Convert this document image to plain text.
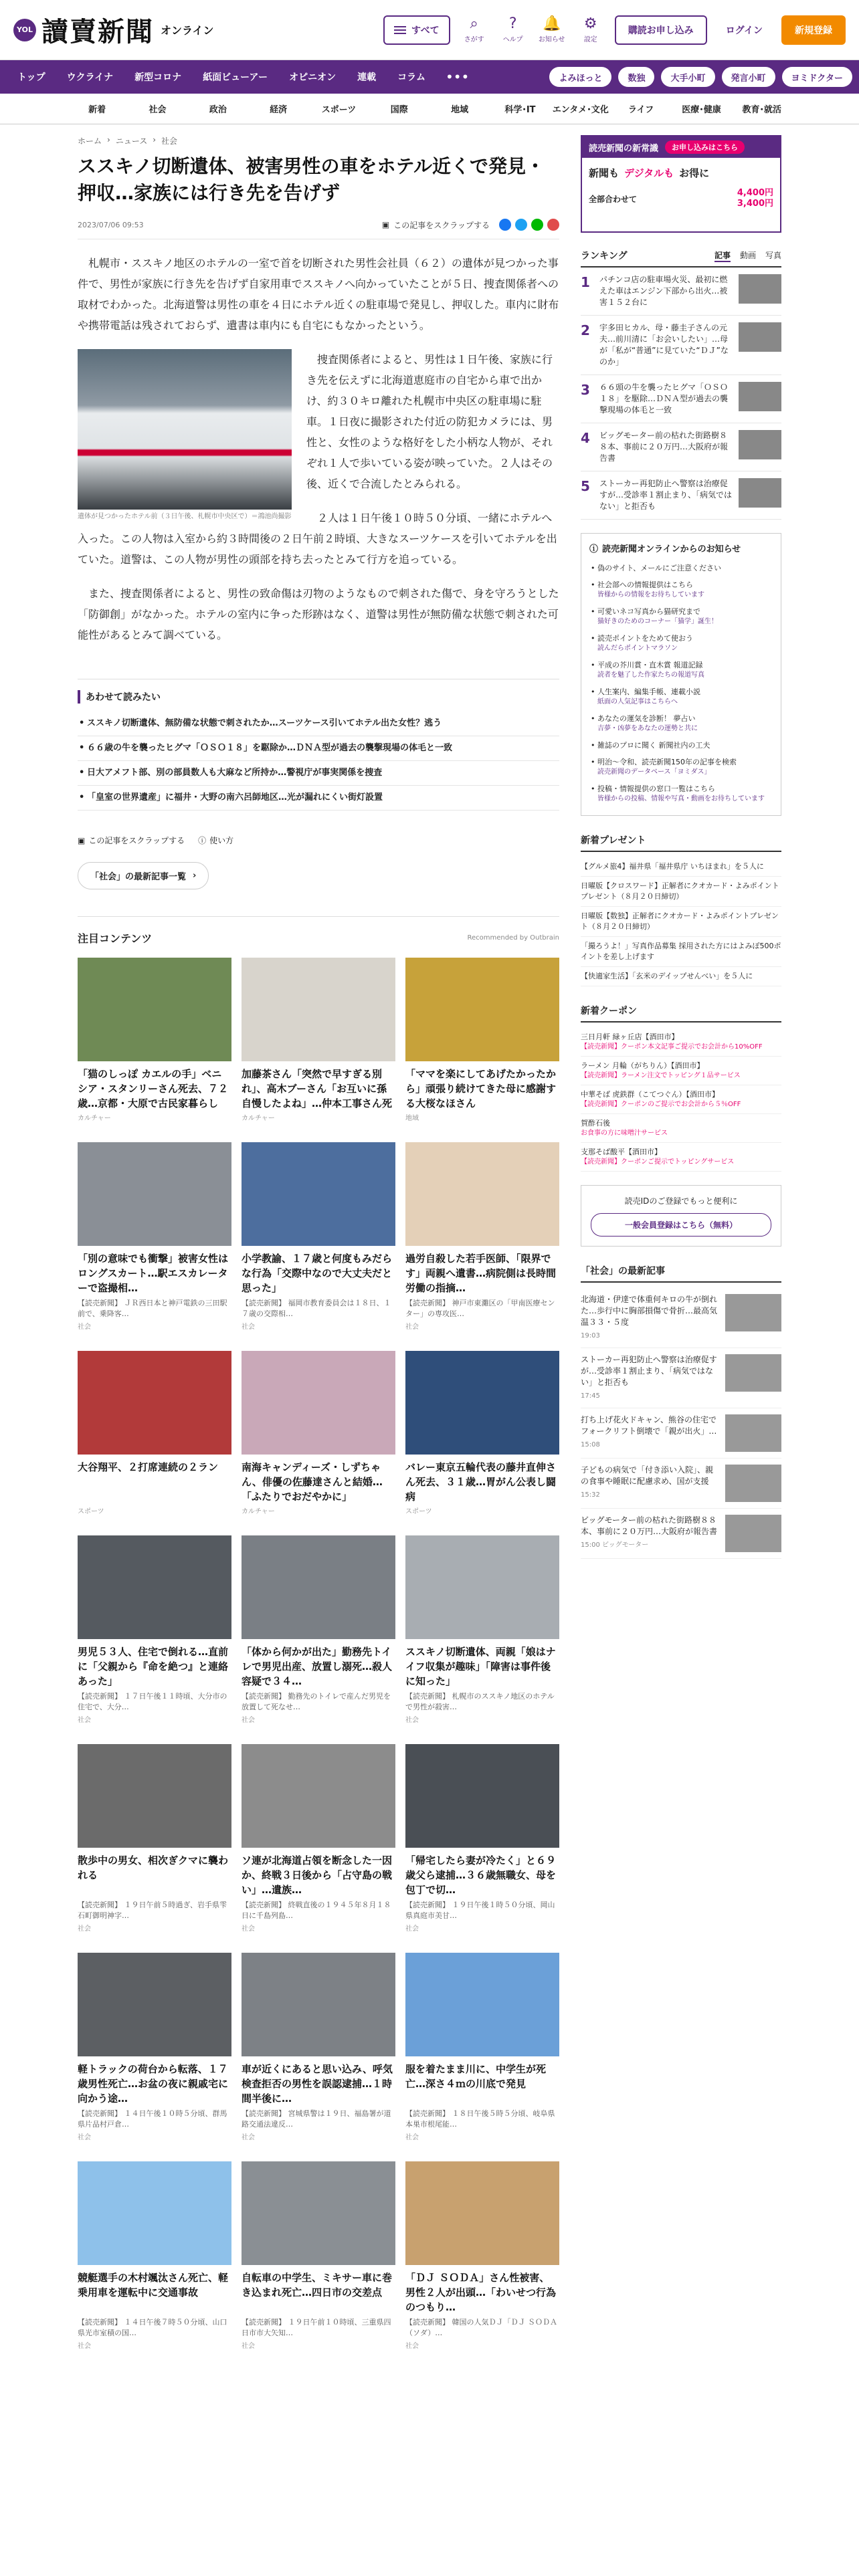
YOL 讀賣新聞 オンライン	すべて ⌕
さがす
?
ヘルプ
🔔
お知らせ
⚙
設定
購読お申し込み	ログイン	新規登録
トップ	ウクライナ	新型コロナ	紙面ビューアー	オピニオン	連載	コラム	•••	よみほっと	数独	大手小町	発言小町	ヨミドクター
新着	社会	政治	経済	スポーツ	国際	地域	科学･IT	エンタメ･文化	ライフ	医療･健康	教育･就活
ホーム › ニュース › 社会
ススキノ切断遺体、被害男性の車をホテル近くで発見・押収…家族には行き先を告げず
2023/07/06 09:53	▣ この記事をスクラップする

札幌市・ススキノ地区のホテルの一室で首を切断された男性会社員（６２）の遺体が見つかった事件で、男性が家族に行き先を告げず自家用車でススキノへ向かっていたことが５日、捜査関係者への取材でわかった。北海道警は男性の車を４日にホテル近くの駐車場で発見し、押収した。車内に財布や携帯電話は残されておらず、遺書は車内にも自宅にもなかったという。

遺体が見つかったホテル前（３日午後、札幌市中央区で）＝鴻池尚撮影

捜査関係者によると、男性は１日午後、家族に行き先を伝えずに北海道恵庭市の自宅から車で出かけ、約３０キロ離れた札幌市中央区の駐車場に駐車。１日夜に撮影された付近の防犯カメラには、男性と、女性のような格好をした小柄な人物が、それぞれ１人で歩いている姿が映っていた。２人はその後、近くで合流したとみられる。

２人は１日午後１０時５０分頃、一緒にホテルへ入った。この人物は入室から約３時間後の２日午前２時頃、大きなスーツケースを引いてホテルを出ていた。道警は、この人物が男性の頭部を持ち去ったとみて行方を追っている。

また、捜査関係者によると、男性の致命傷は刃物のようなもので刺された傷で、身を守ろうとした「防御創」がなかった。ホテルの室内に争った形跡はなく、道警は男性が無防備な状態で刺された可能性があるとみて調べている。

あわせて読みたい
• ススキノ切断遺体、無防備な状態で刺されたか…スーツケース引いてホテル出た女性？逃う
• ６６歳の牛を襲ったヒグマ「ＯＳＯ１８」を駆除か…ＤＮＡ型が過去の襲撃現場の体毛と一致
• 日大アメフト部、別の部員数人も大麻など所持か…警視庁が事実関係を捜査
• 「皇室の世界遺産」に福井・大野の南六呂師地区…光が漏れにくい街灯設置
▣ この記事をスクラップする ⓘ 使い方
「社会」の最新記事一覧 ›
注目コンテンツ	Recommended by Outbrain
「猫のしっぽ カエルの手」ベニシア・スタンリーさん死去、７２歳…京都・大原で古民家暮らし
カルチャー
加藤茶さん「突然で早すぎる別れ」、高木ブーさん「お互いに孫自慢したよね」…仲本工事さん死
カルチャー
「ママを楽にしてあげたかったから」頑張り続けてきた母に感謝する大桜なほさん
地域
「別の意味でも衝撃」被害女性はロングスカート…駅エスカレーターで盗撮相…
【読売新聞】 ＪＲ西日本と神戸電鉄の三田駅前で、乗降客…
社会
小学教諭、１７歳と何度もみだらな行為「交際中なので大丈夫だと思った」
【読売新聞】 福岡市教育委員会は１８日、１７歳の交際相…
社会
過労自殺した若手医師、「限界です」両親へ遺書…病院側は長時間労働の指摘…
【読売新聞】 神戸市東灘区の「甲南医療センター」の専攻医…
社会
大谷翔平、２打席連続の２ラン
スポーツ
南海キャンディーズ・しずちゃん、俳優の佐藤達さんと結婚…「ふたりでおだやかに」
カルチャー
バレー東京五輪代表の藤井直伸さん死去、３１歳…胃がん公表し闘病
スポーツ
男児５３人、住宅で倒れる…直前に「父親から『命を絶つ』と連絡あった」
【読売新聞】 １７日午後１１時頃、大分市の住宅で、大分…
社会
「体から何かが出た」勤務先トイレで男児出産、放置し溺死…殺人容疑で３４…
【読売新聞】 勤務先のトイレで産んだ男児を放置して死なせ…
社会
ススキノ切断遺体、両親「娘はナイフ収集が趣味」「障害は事件後に知った」
【読売新聞】 札幌市のススキノ地区のホテルで男性が殺害…
社会
散歩中の男女、相次ぎクマに襲われる
【読売新聞】 １９日午前５時過ぎ、岩手県雫石町御明神字…
社会
ソ連が北海道占領を断念した一因か、終戦３日後から「占守島の戦い」…遺族…
【読売新聞】 終戦直後の１９４５年８月１８日に千島列島…
社会
「帰宅したら妻が冷たく」と６９歳父ら逮捕…３６歳無職女、母を包丁で切…
【読売新聞】 １９日午後１時５０分頃、岡山県真庭市美甘…
社会
軽トラックの荷台から転落、１７歳男性死亡…お盆の夜に親戚宅に向かう途…
【読売新聞】 １４日午後１０時５分頃、群馬県片品村戸倉…
社会
車が近くにあると思い込み、呼気検査拒否の男性を誤認逮捕…１時間半後に…
【読売新聞】 宮城県警は１９日、福島署が道路交通法違反…
社会
服を着たまま川に、中学生が死亡…深さ４ｍの川底で発見
【読売新聞】 １８日午後５時５分頃、岐阜県本巣市根尾能…
社会
競艇選手の木村颯汰さん死亡、軽乗用車を運転中に交通事故
【読売新聞】 １４日午後７時５０分頃、山口県光市室積の国…
社会
自転車の中学生、ミキサー車に巻き込まれ死亡…四日市の交差点
【読売新聞】 １９日午前１０時頃、三重県四日市市大矢知…
社会
「ＤＪ ＳＯＤＡ」さん性被害、男性２人が出頭…「わいせつ行為のつもり…
【読売新聞】 韓国の人気ＤＪ「ＤＪ ＳＯＤＡ（ソダ）…
社会
読売新聞の新常識	お申し込みはこちら
新聞も デジタルも お得に
全部合わせて
4,400円
3,400円
ランキング	記事 動画 写真
1	パチンコ店の駐車場火災、最初に燃えた車はエンジン下部から出火…被害１５２台に
2	宇多田ヒカル、母・藤圭子さんの元夫…前川清に「お会いしたい」…母が「私が“普通”に見ていた“ＤＪ”なのか」
3	６６頭の牛を襲ったヒグマ「ＯＳＯ１８」を駆除…ＤＮＡ型が過去の襲撃現場の体毛と一致
4	ビッグモーター前の枯れた街路樹８８本、事前に２０万円…大阪府が報告書
5	ストーカー再犯防止へ警察は治療促すが…受診率１割止まり、「病気ではない」と拒否も
ⓘ 読売新聞オンラインからのお知らせ
• 偽のサイト、メールにご注意ください
• 社会部への情報提供はこちら
皆様からの情報をお待ちしています
• 可愛いネコ写真から猫研究まで
猫好きのためのコーナー「猫学」誕生！
• 読売ポイントをためて使おう
読んだらポイントマラソン
• 平成の芥川賞・直木賞 報道記録
読者を魅了した作家たちの報道写真
• 人生案内、編集手帳、連載小説
紙面の人気記事はこちらへ
• あなたの運気を診断！ 夢占い
吉夢・凶夢をあなたの運勢と共に
• 雑誌のプロに聞く 新聞社内の工夫
• 明治〜令和、読売新聞150年の記事を検索
読売新聞のデータベース「ヨミダス」
• 投稿・情報提供の窓口一覧はこちら
皆様からの投稿、情報や写真・動画をお待ちしています
新着プレゼント
【グルメ旅4】福井県「福井県庁 いちほまれ」を５人に
日曜版【クロスワード】正解者にクオカード・よみポイントプレゼント（８月２０日締切）
日曜版【数独】正解者にクオカード・よみポイントプレゼント（８月２０日締切）
「撮ろうよ！」写真作品募集 採用された方にはよみぽ500ポイントを差し上げます
【快適家生活】「玄米のデイップせんべい」を５人に
新着クーポン
三日月軒 緑ヶ丘店【酒田市】
【読売新聞】クーポン本文記事ご提示でお会計から10%OFF
ラーメン 月輪（がちりん）【酒田市】
【読売新聞】ラーメン注文でトッピング１品サービス
中華そば 虎鉄群（こてつぐん）【酒田市】
【読売新聞】クーポンのご提示でお会計から５％OFF
賀酢石後
お食事の方に味噌汁サービス
支那そば酸平【酒田市】
【読売新聞】クーポンご提示でトッピングサービス
読売IDのご登録でもっと便利に
一般会員登録はこちら（無料）
「社会」の最新記事
北海道・伊達で体重何キロの牛が倒れた…歩行中に胸部損傷で骨折…最高気温３３・５度
19:03
ストーカー再犯防止へ警察は治療促すが…受診率１割止まり、「病気ではない」と拒否も
17:45
打ち上げ花火ドキャン、熊谷の住宅でフォークリフト倒壊で「親が出火」…
15:08
子どもの病気で「付き添い入院」、親の食事や睡眠に配慮求め、国が支援
15:32
ビッグモーター前の枯れた街路樹８８本、事前に２０万円…大阪府が報告書
15:00 ビッグモーター
